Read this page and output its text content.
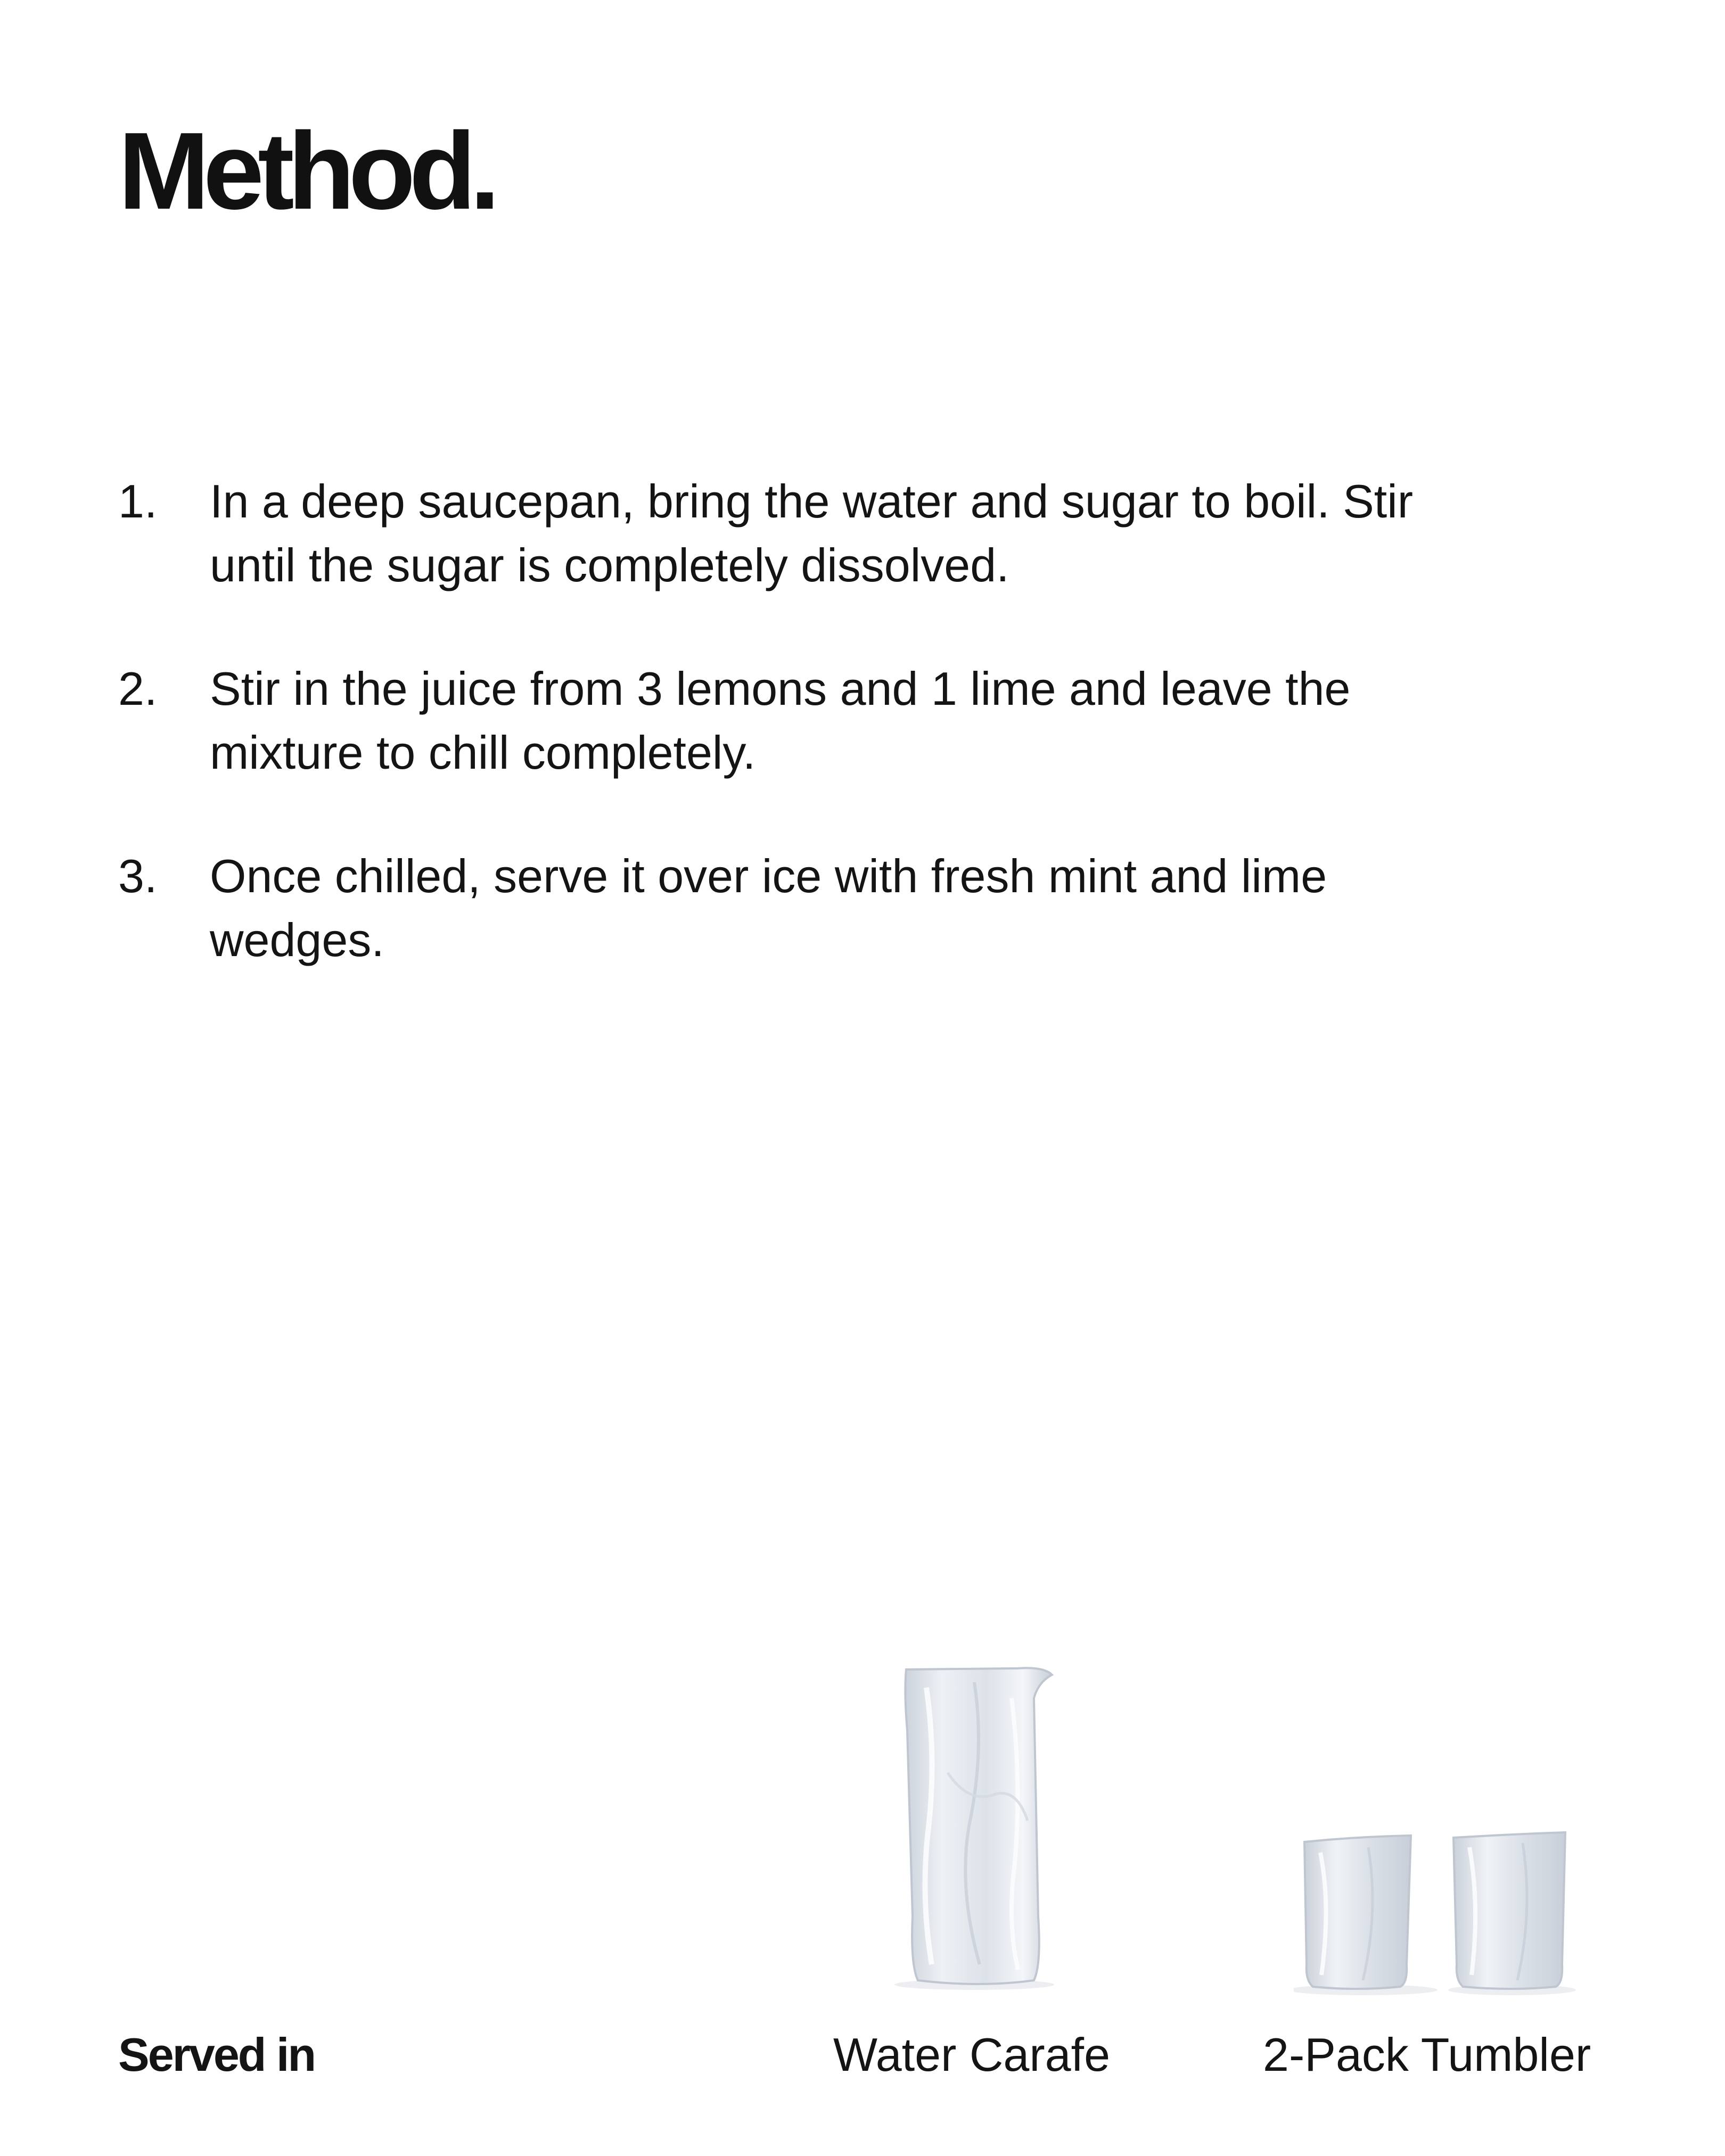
Method.
1.	In a deep saucepan, bring the water and sugar to boil. Stir until the sugar is completely dissolved.
2.	Stir in the juice from 3 lemons and 1 lime and leave the mixture to chill completely.
3.	Once chilled, serve it over ice with fresh mint and lime wedges.
Served in	Water Carafe	2-Pack Tumbler
